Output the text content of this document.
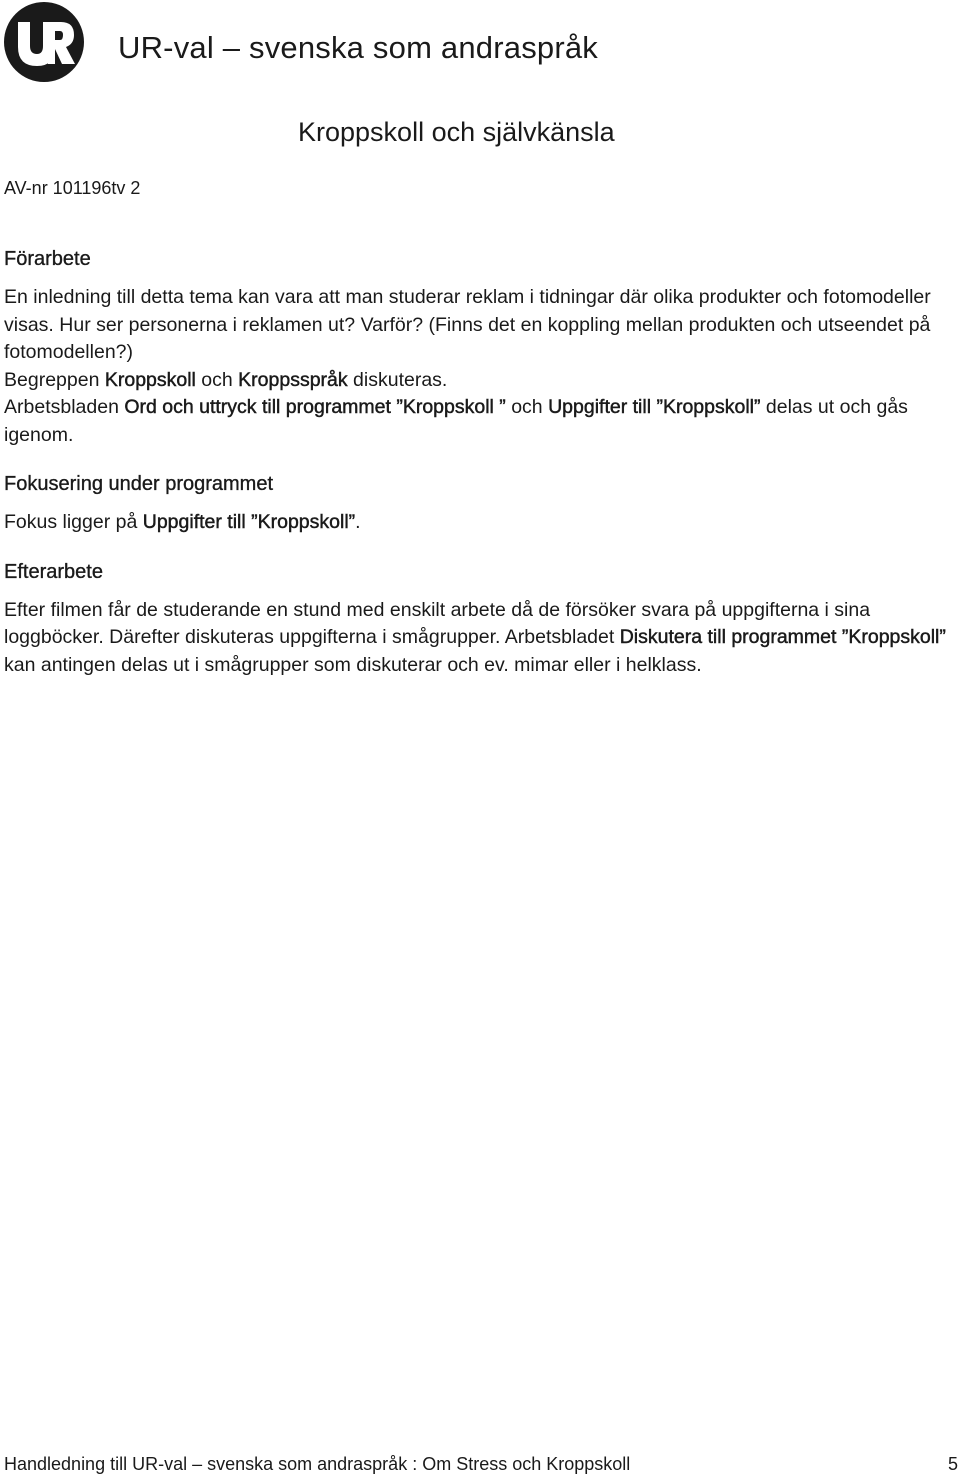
UR-val – svenska som andraspråk
Kroppskoll och självkänsla
AV-nr 101196tv 2
Förarbete

En inledning till detta tema kan vara att man studerar reklam i tidningar där olika produkter och fotomodeller visas. Hur ser personerna i reklamen ut? Varför? (Finns det en koppling mellan produkten och utseendet på fotomodellen?)

Begreppen Kroppskoll och Kroppsspråk diskuteras.

Arbetsbladen Ord och uttryck till programmet ”Kroppskoll ” och Uppgifter till ”Kroppskoll” delas ut och gås igenom.

Fokusering under programmet

Fokus ligger på Uppgifter till ”Kroppskoll”.

Efterarbete

Efter filmen får de studerande en stund med enskilt arbete då de försöker svara på uppgifterna i sina loggböcker. Därefter diskuteras uppgifterna i smågrupper. Arbetsbladet Diskutera till programmet ”Kroppskoll” kan antingen delas ut i smågrupper som diskuterar och ev. mimar eller i helklass.

Handledning till UR-val – svenska som andraspråk : Om Stress och Kroppskoll	5
